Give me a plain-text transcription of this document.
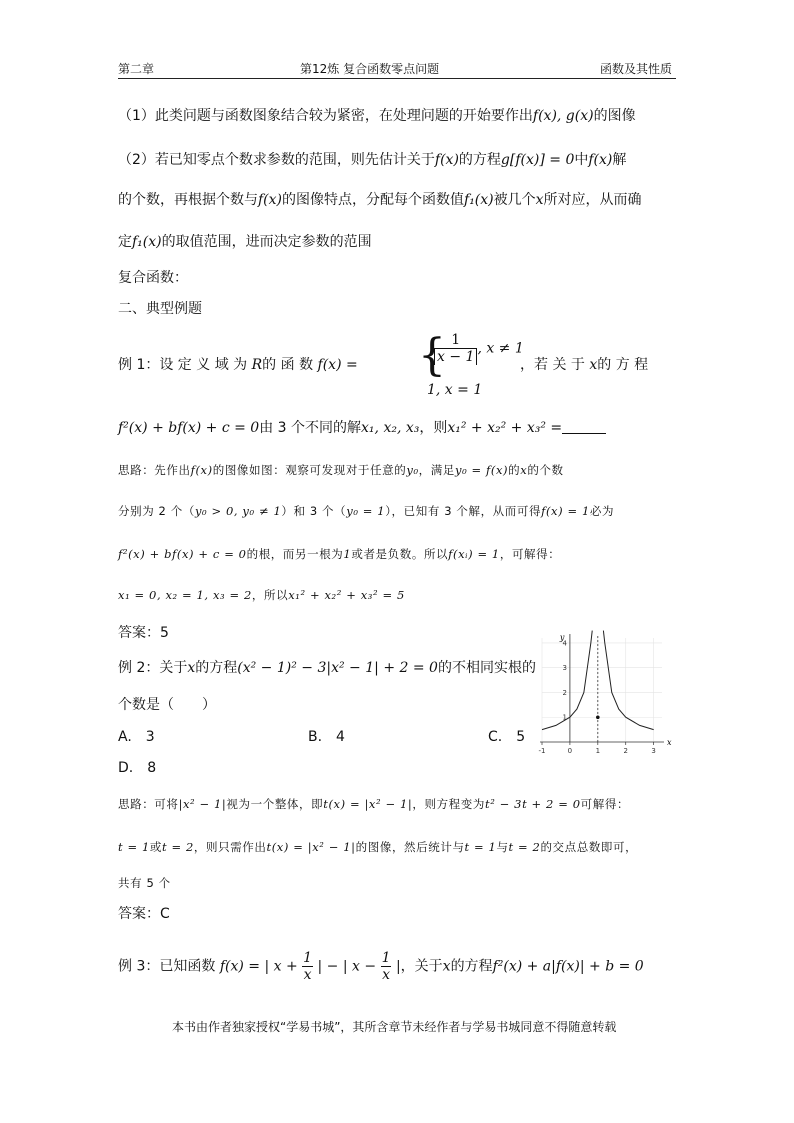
第二章	第12炼 复合函数零点问题	函数及其性质
（1）此类问题与函数图象结合较为紧密，在处理问题的开始要作出f(x), g(x)的图像
（2）若已知零点个数求参数的范围，则先估计关于f(x)的方程g[f(x)] = 0中f(x)解
的个数，再根据个数与f(x)的图像特点，分配每个函数值f₁(x)被几个x所对应，从而确
定f₁(x)的取值范围，进而决定参数的范围
复合函数：
二、典型例题
例 1：设 定 义 域 为 R的 函 数 f(x) = {
$\frac{1}{x - 1}$ , x ≠ 1
1, x = 1
，若 关 于 x的 方 程
f²(x) + bf(x) + c = 0由 3 个不同的解x₁, x₂, x₃，则x₁² + x₂² + x₃² =
思路：先作出f(x)的图像如图：观察可发现对于任意的y₀，满足y₀ = f(x)的x的个数
分别为 2 个（y₀ > 0, y₀ ≠ 1）和 3 个（y₀ = 1），已知有 3 个解，从而可得f(x) = 1必为
f²(x) + bf(x) + c = 0的根，而另一根为1或者是负数。所以f(xᵢ) = 1，可解得：
x₁ = 0, x₂ = 1, x₃ = 2，所以x₁² + x₂² + x₃² = 5
答案：5
例 2：关于x的方程(x² − 1)² − 3|x² − 1| + 2 = 0的不相同实根的
个数是（　　）
A.　3	B.　4	C.　5
D.　8
思路：可将|x² − 1|视为一个整体，即t(x) = |x² − 1|，则方程变为t² − 3t + 2 = 0可解得：
t = 1或t = 2，则只需作出t(x) = |x² − 1|的图像，然后统计与t = 1与t = 2的交点总数即可，
共有 5 个
答案：C
例 3：已知函数 f(x) = | $x + \frac{1}{x}$ | − | $x - \frac{1}{x}$ |，关于x的方程f²(x) + a|f(x)| + b = 0
本书由作者独家授权“学易书城”，其所含章节未经作者与学易书城同意不得随意转载
-1	0	1	2	3
1
2
3
4
x
y
